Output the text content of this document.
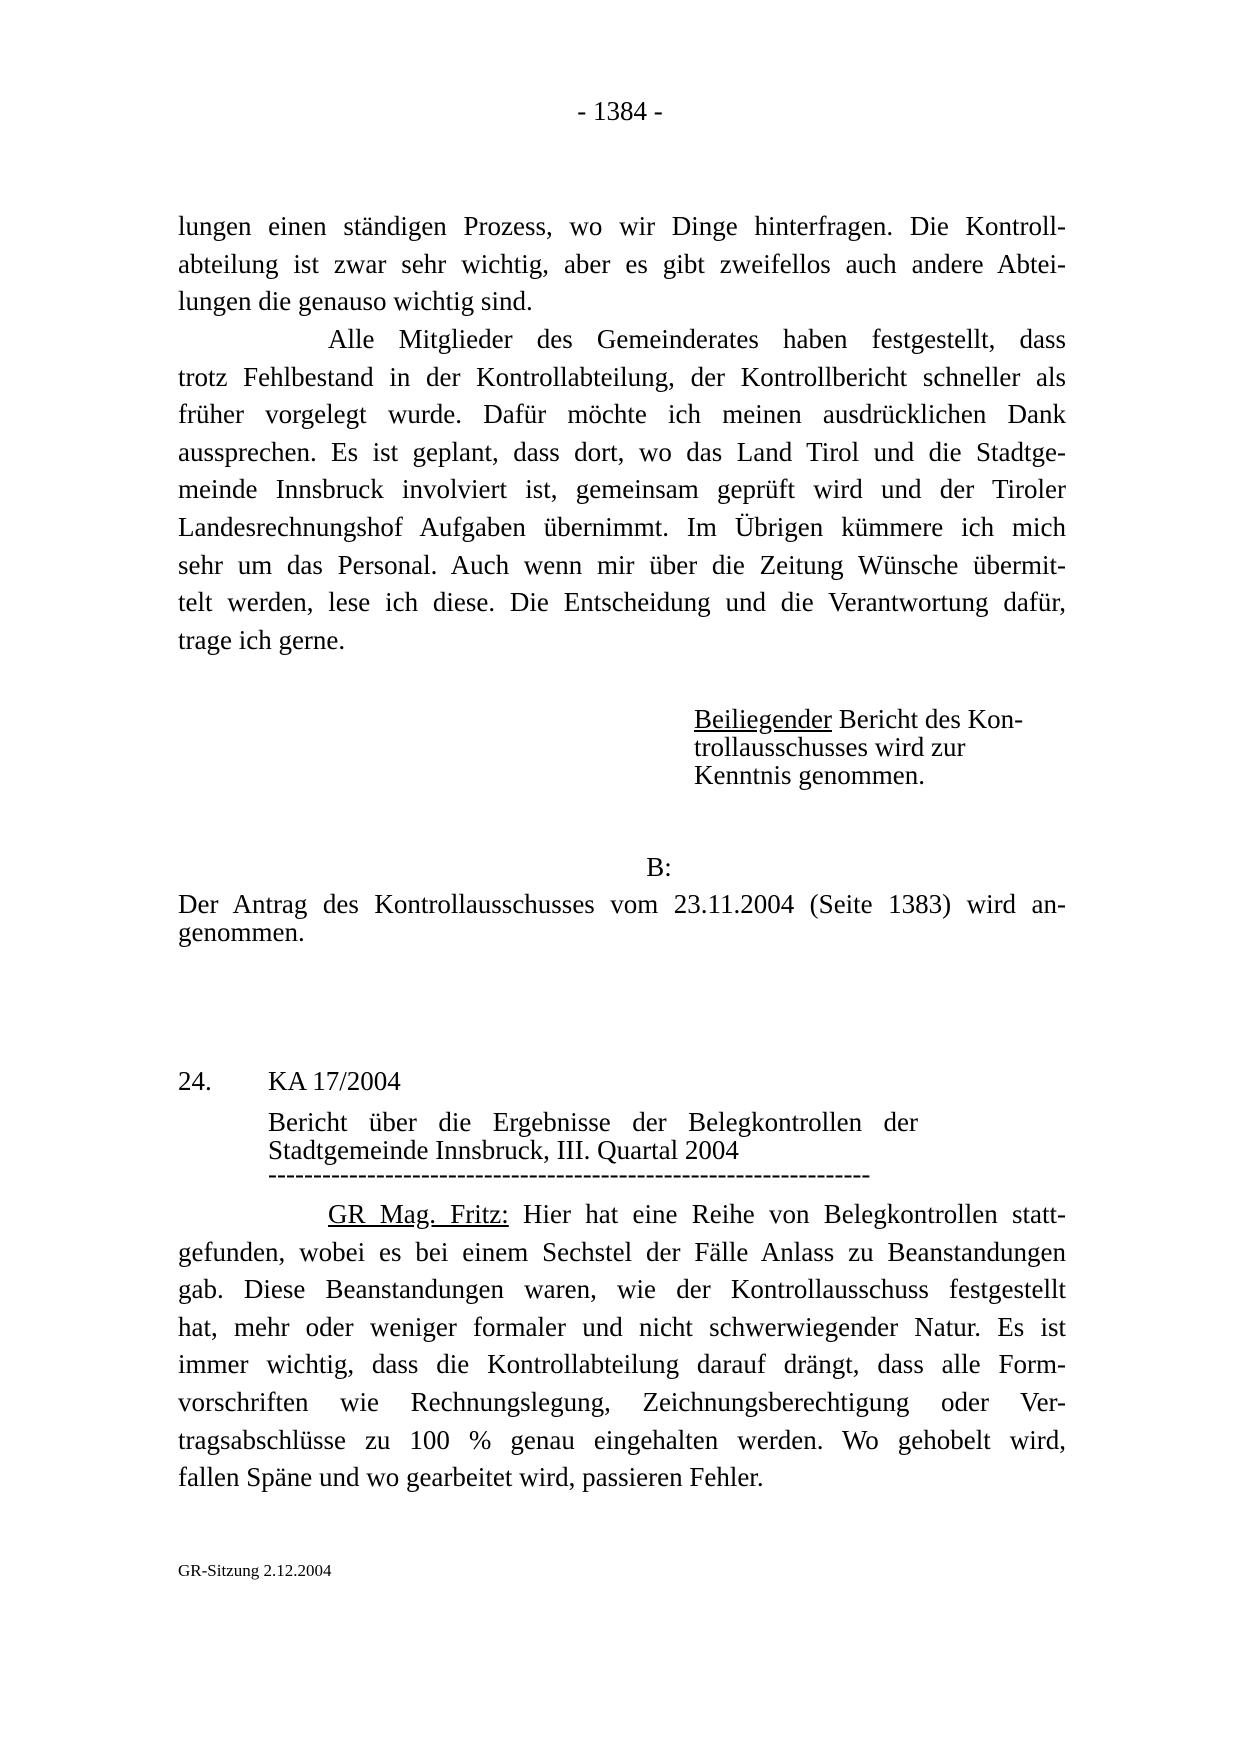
- 1384 -
lungen einen ständigen Prozess, wo wir Dinge hinterfragen. Die Kontroll-
abteilung ist zwar sehr wichtig, aber es gibt zweifellos auch andere Abtei-
lungen die genauso wichtig sind.
Alle Mitglieder des Gemeinderates haben festgestellt, dass
trotz Fehlbestand in der Kontrollabteilung, der Kontrollbericht schneller als
früher vorgelegt wurde. Dafür möchte ich meinen ausdrücklichen Dank
aussprechen. Es ist geplant, dass dort, wo das Land Tirol und die Stadtge-
meinde Innsbruck involviert ist, gemeinsam geprüft wird und der Tiroler
Landesrechnungshof Aufgaben übernimmt. Im Übrigen kümmere ich mich
sehr um das Personal. Auch wenn mir über die Zeitung Wünsche übermit-
telt werden, lese ich diese. Die Entscheidung und die Verantwortung dafür,
trage ich gerne.
Beiliegender Bericht des Kon-
trollausschusses wird zur
Kenntnis genommen.
B:
Der Antrag des Kontrollausschusses vom 23.11.2004 (Seite 1383) wird an-
genommen.
24. KA 17/2004
Bericht über die Ergebnisse der Belegkontrollen der
Stadtgemeinde Innsbruck, III. Quartal 2004
-------------------------------------------------------------------
GR Mag. Fritz: Hier hat eine Reihe von Belegkontrollen statt-
gefunden, wobei es bei einem Sechstel der Fälle Anlass zu Beanstandungen
gab. Diese Beanstandungen waren, wie der Kontrollausschuss festgestellt
hat, mehr oder weniger formaler und nicht schwerwiegender Natur. Es ist
immer wichtig, dass die Kontrollabteilung darauf drängt, dass alle Form-
vorschriften wie Rechnungslegung, Zeichnungsberechtigung oder Ver-
tragsabschlüsse zu 100 % genau eingehalten werden. Wo gehobelt wird,
fallen Späne und wo gearbeitet wird, passieren Fehler.
GR-Sitzung 2.12.2004
